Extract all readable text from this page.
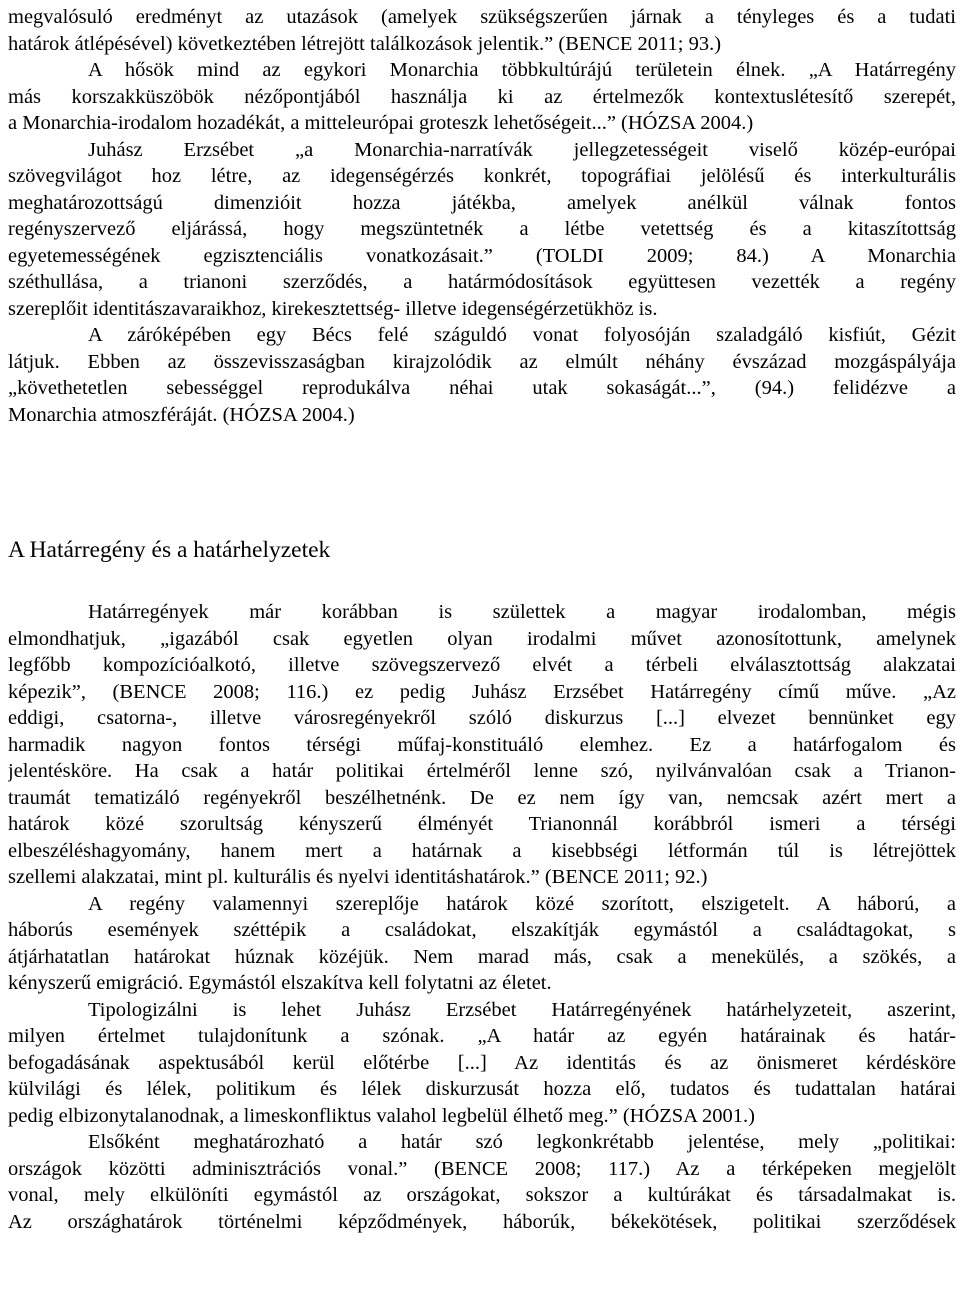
megvalósuló eredményt az utazások (amelyek szükségszerűen járnak a tényleges és a tudati
határok átlépésével) következtében létrejött találkozások jelentik.” (BENCE 2011; 93.)
A hősök mind az egykori Monarchia többkultúrájú területein élnek. „A Határregény
más korszakküszöbök nézőpontjából használja ki az értelmezők kontextuslétesítő szerepét,
a Monarchia-irodalom hozadékát, a mitteleurópai groteszk lehetőségeit...” (HÓZSA 2004.)
Juhász Erzsébet „a Monarchia-narratívák jellegzetességeit viselő közép-európai
szövegvilágot hoz létre, az idegenségérzés konkrét, topográfiai jelölésű és interkulturális
meghatározottságú dimenzióit hozza játékba, amelyek anélkül válnak fontos
regényszervező eljárássá, hogy megszüntetnék a létbe vetettség és a kitaszítottság
egyetemességének egzisztenciális vonatkozásait.” (TOLDI 2009; 84.) A Monarchia
széthullása, a trianoni szerződés, a határmódosítások együttesen vezették a regény
szereplőit identitászavaraikhoz, kirekesztettség- illetve idegenségérzetükhöz is.
A záróképében egy Bécs felé száguldó vonat folyosóján szaladgáló kisfiút, Gézit
látjuk. Ebben az összevisszaságban kirajzolódik az elmúlt néhány évszázad mozgáspályája
„követhetetlen sebességgel reprodukálva néhai utak sokaságát...”, (94.) felidézve a
Monarchia atmoszféráját. (HÓZSA 2004.)
A Határregény és a határhelyzetek
Határregények már korábban is születtek a magyar irodalomban, mégis
elmondhatjuk, „igazából csak egyetlen olyan irodalmi művet azonosítottunk, amelynek
legfőbb kompozícióalkotó, illetve szövegszervező elvét a térbeli elválasztottság alakzatai
képezik”, (BENCE 2008; 116.) ez pedig Juhász Erzsébet Határregény című műve. „Az
eddigi, csatorna-, illetve városregényekről szóló diskurzus [...] elvezet bennünket egy
harmadik nagyon fontos térségi műfaj-konstituáló elemhez. Ez a határfogalom és
jelentésköre. Ha csak a határ politikai értelméről lenne szó, nyilvánvalóan csak a Trianon-
traumát tematizáló regényekről beszélhetnénk. De ez nem így van, nemcsak azért mert a
határok közé szorultság kényszerű élményét Trianonnál korábbról ismeri a térségi
elbeszéléshagyomány, hanem mert a határnak a kisebbségi létformán túl is létrejöttek
szellemi alakzatai, mint pl. kulturális és nyelvi identitáshatárok.” (BENCE 2011; 92.)
A regény valamennyi szereplője határok közé szorított, elszigetelt. A háború, a
háborús események széttépik a családokat, elszakítják egymástól a családtagokat, s
átjárhatatlan határokat húznak közéjük. Nem marad más, csak a menekülés, a szökés, a
kényszerű emigráció. Egymástól elszakítva kell folytatni az életet.
Tipologizálni is lehet Juhász Erzsébet Határregényének határhelyzeteit, aszerint,
milyen értelmet tulajdonítunk a szónak. „A határ az egyén határainak és határ-
befogadásának aspektusából kerül előtérbe [...] Az identitás és az önismeret kérdésköre
külvilági és lélek, politikum és lélek diskurzusát hozza elő, tudatos és tudattalan határai
pedig elbizonytalanodnak, a limeskonfliktus valahol legbelül élhető meg.” (HÓZSA 2001.)
Elsőként meghatározható a határ szó legkonkrétabb jelentése, mely „politikai:
országok közötti adminisztrációs vonal.” (BENCE 2008; 117.) Az a térképeken megjelölt
vonal, mely elkülöníti egymástól az országokat, sokszor a kultúrákat és társadalmakat is.
Az országhatárok történelmi képződmények, háborúk, békekötések, politikai szerződések
